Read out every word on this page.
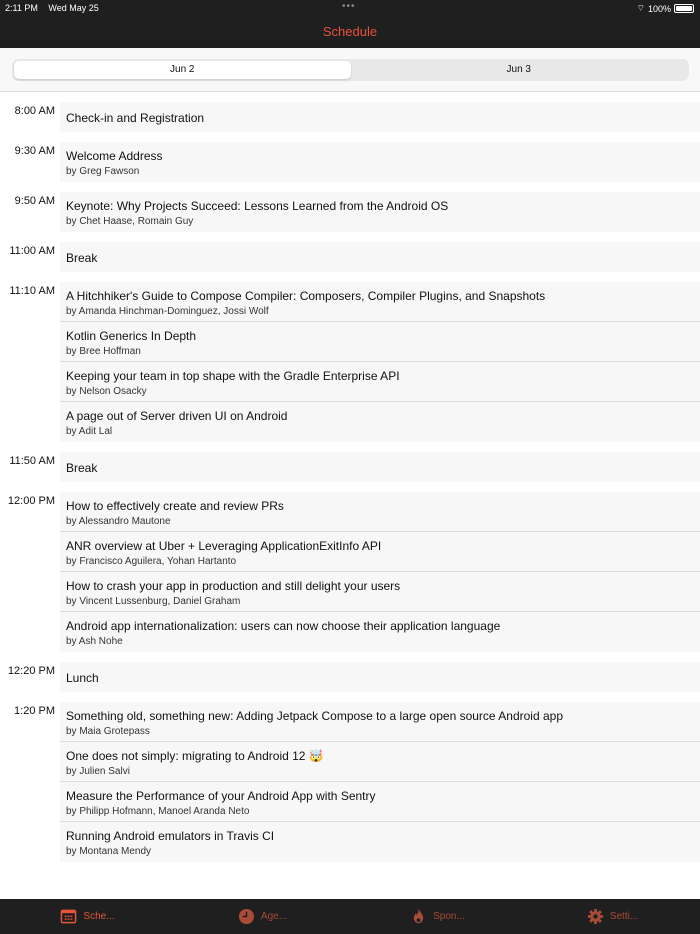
2:11 PM Wed May 25	•••	⌔ 100%
Schedule
Jun 2	Jun 3
8:00 AM Check-in and Registration
9:30 AM Welcome Address
by Greg Fawson
9:50 AM Keynote: Why Projects Succeed: Lessons Learned from the Android OS
by Chet Haase, Romain Guy
11:00 AM Break
11:10 AM A Hitchhiker's Guide to Compose Compiler: Composers, Compiler Plugins, and Snapshots
by Amanda Hinchman-Dominguez, Jossi Wolf
Kotlin Generics In Depth
by Bree Hoffman
Keeping your team in top shape with the Gradle Enterprise API
by Nelson Osacky
A page out of Server driven UI on Android
by Adit Lal
11:50 AM Break
12:00 PM How to effectively create and review PRs
by Alessandro Mautone
ANR overview at Uber + Leveraging ApplicationExitInfo API
by Francisco Aguilera, Yohan Hartanto
How to crash your app in production and still delight your users
by Vincent Lussenburg, Daniel Graham
Android app internationalization: users can now choose their application language
by Ash Nohe
12:20 PM Lunch
1:20 PM Something old, something new: Adding Jetpack Compose to a large open source Android app
by Maia Grotepass
One does not simply: migrating to Android 12 🤯
by Julien Salvi
Measure the Performance of your Android App with Sentry
by Philipp Hofmann, Manoel Aranda Neto
Running Android emulators in Travis CI
by Montana Mendy
Sche...	Age...	Spon...	Setti...
